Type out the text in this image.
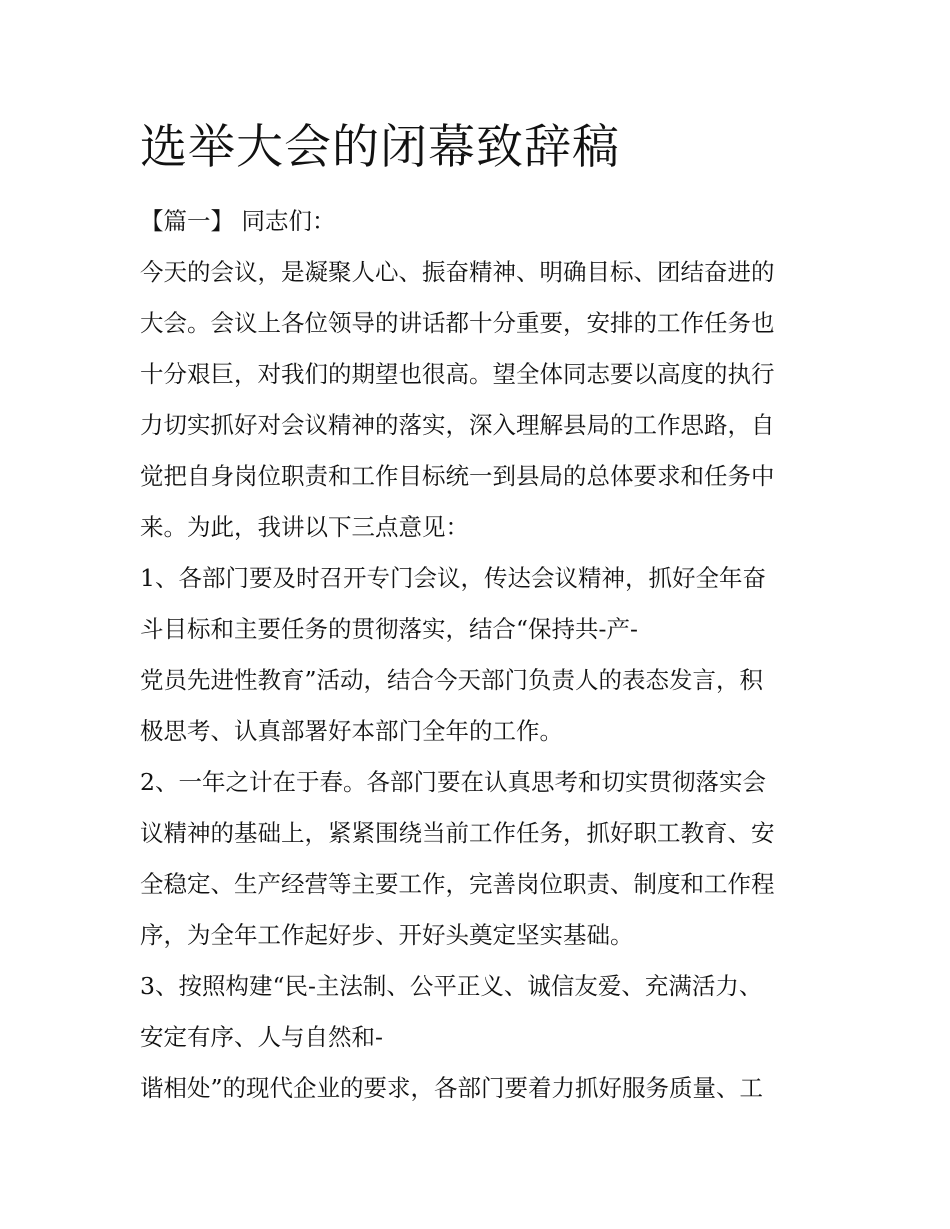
选举大会的闭幕致辞稿

【篇一】 同志们：

今天的会议，是凝聚人心、振奋精神、明确目标、团结奋进的

大会。会议上各位领导的讲话都十分重要，安排的工作任务也

十分艰巨，对我们的期望也很高。望全体同志要以高度的执行

力切实抓好对会议精神的落实，深入理解县局的工作思路，自

觉把自身岗位职责和工作目标统一到县局的总体要求和任务中

来。为此，我讲以下三点意见：

1、各部门要及时召开专门会议，传达会议精神，抓好全年奋

斗目标和主要任务的贯彻落实，结合“保持共-产-

党员先进性教育”活动，结合今天部门负责人的表态发言，积

极思考、认真部署好本部门全年的工作。

2、一年之计在于春。各部门要在认真思考和切实贯彻落实会

议精神的基础上，紧紧围绕当前工作任务，抓好职工教育、安

全稳定、生产经营等主要工作，完善岗位职责、制度和工作程

序，为全年工作起好步、开好头奠定坚实基础。

3、按照构建“民-主法制、公平正义、诚信友爱、充满活力、

安定有序、人与自然和-

谐相处”的现代企业的要求，各部门要着力抓好服务质量、工
